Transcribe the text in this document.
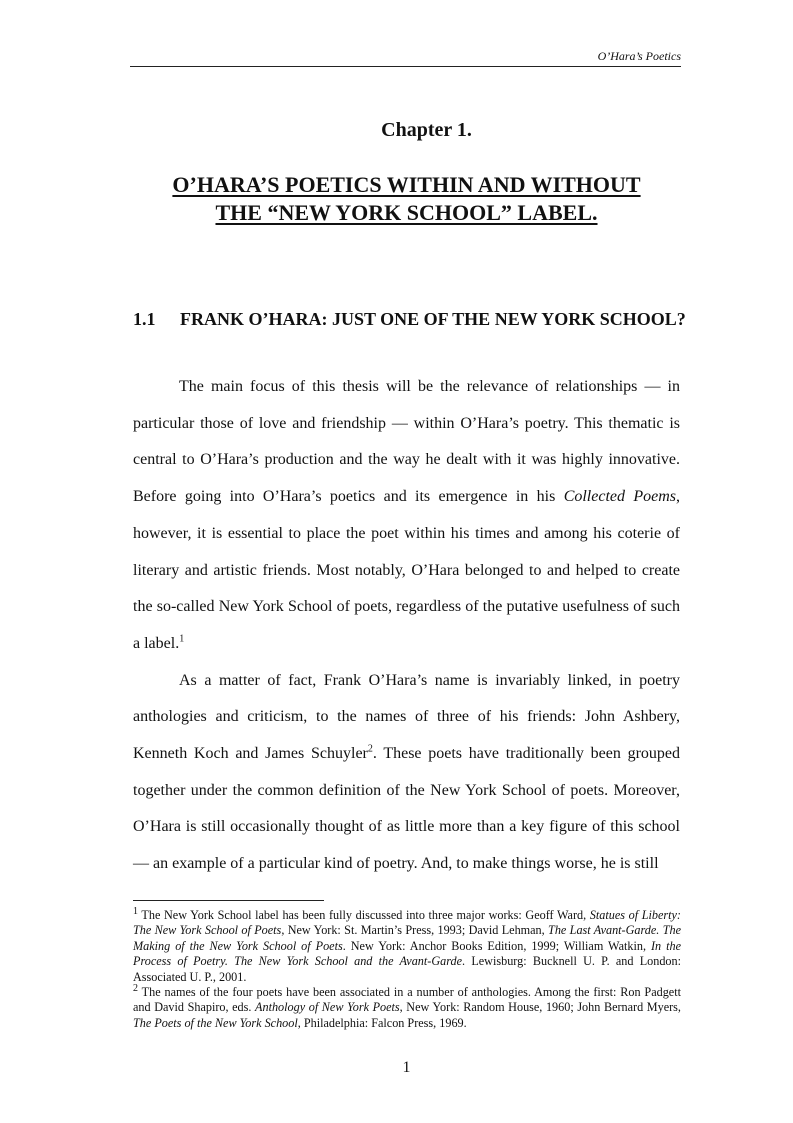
O’Hara’s Poetics
Chapter 1.
O’HARA’S POETICS WITHIN AND WITHOUT
THE “NEW YORK SCHOOL” LABEL.
1.1 FRANK O’HARA: JUST ONE OF THE NEW YORK SCHOOL?

The main focus of this thesis will be the relevance of relationships — in particular those of love and friendship — within O’Hara’s poetry. This thematic is central to O’Hara’s production and the way he dealt with it was highly innovative. Before going into O’Hara’s poetics and its emergence in his Collected Poems, however, it is essential to place the poet within his times and among his coterie of literary and artistic friends. Most notably, O’Hara belonged to and helped to create the so-called New York School of poets, regardless of the putative usefulness of such a label.$^1$

As a matter of fact, Frank O’Hara’s name is invariably linked, in poetry anthologies and criticism, to the names of three of his friends: John Ashbery, Kenneth Koch and James Schuyler$^2$. These poets have traditionally been grouped together under the common definition of the New York School of poets. Moreover, O’Hara is still occasionally thought of as little more than a key figure of this school — an example of a particular kind of poetry. And, to make things worse, he is still

$^1$ The New York School label has been fully discussed into three major works: Geoff Ward, Statues of Liberty: The New York School of Poets, New York: St. Martin’s Press, 1993; David Lehman, The Last Avant-Garde. The Making of the New York School of Poets. New York: Anchor Books Edition, 1999; William Watkin, In the Process of Poetry. The New York School and the Avant-Garde. Lewisburg: Bucknell U. P. and London: Associated U. P., 2001.

$^2$ The names of the four poets have been associated in a number of anthologies. Among the first: Ron Padgett and David Shapiro, eds. Anthology of New York Poets, New York: Random House, 1960; John Bernard Myers, The Poets of the New York School, Philadelphia: Falcon Press, 1969.

1
